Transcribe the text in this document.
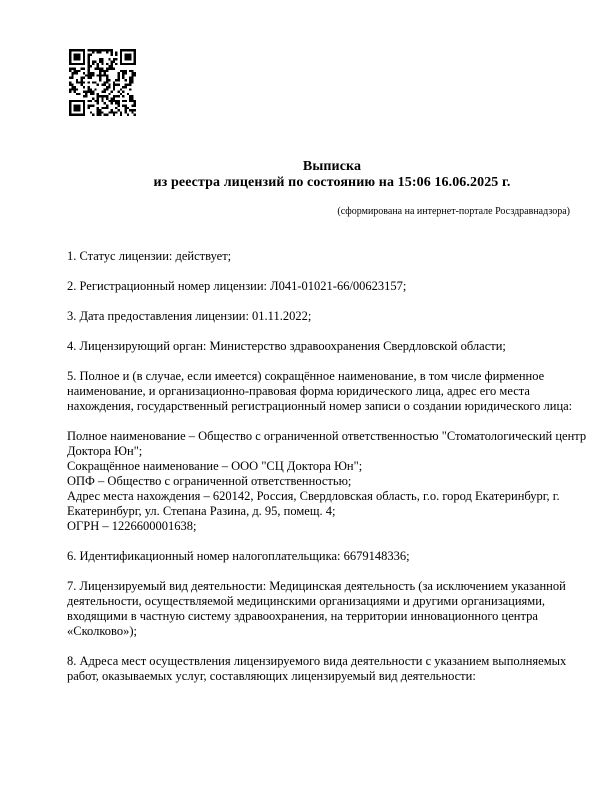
Выписка
из реестра лицензий по состоянию на 15:06 16.06.2025 г.
(сформирована на интернет-портале Росздравнадзора)

1. Статус лицензии: действует;

2. Регистрационный номер лицензии: Л041-01021-66/00623157;

3. Дата предоставления лицензии: 01.11.2022;

4. Лицензирующий орган: Министерство здравоохранения Свердловской области;

5. Полное и (в случае, если имеется) сокращённое наименование, в том числе фирменное
наименование, и организационно-правовая форма юридического лица, адрес его места
нахождения, государственный регистрационный номер записи о создании юридического лица:

Полное наименование – Общество с ограниченной ответственностью "Стоматологический центр
Доктора Юн";
Сокращённое наименование – ООО "СЦ Доктора Юн";
ОПФ – Общество с ограниченной ответственностью;
Адрес места нахождения – 620142, Россия, Свердловская область, г.о. город Екатеринбург, г.
Екатеринбург, ул. Степана Разина, д. 95, помещ. 4;
ОГРН – 1226600001638;

6. Идентификационный номер налогоплательщика: 6679148336;

7. Лицензируемый вид деятельности: Медицинская деятельность (за исключением указанной
деятельности, осуществляемой медицинскими организациями и другими организациями,
входящими в частную систему здравоохранения, на территории инновационного центра
«Сколково»);

8. Адреса мест осуществления лицензируемого вида деятельности с указанием выполняемых
работ, оказываемых услуг, составляющих лицензируемый вид деятельности:
